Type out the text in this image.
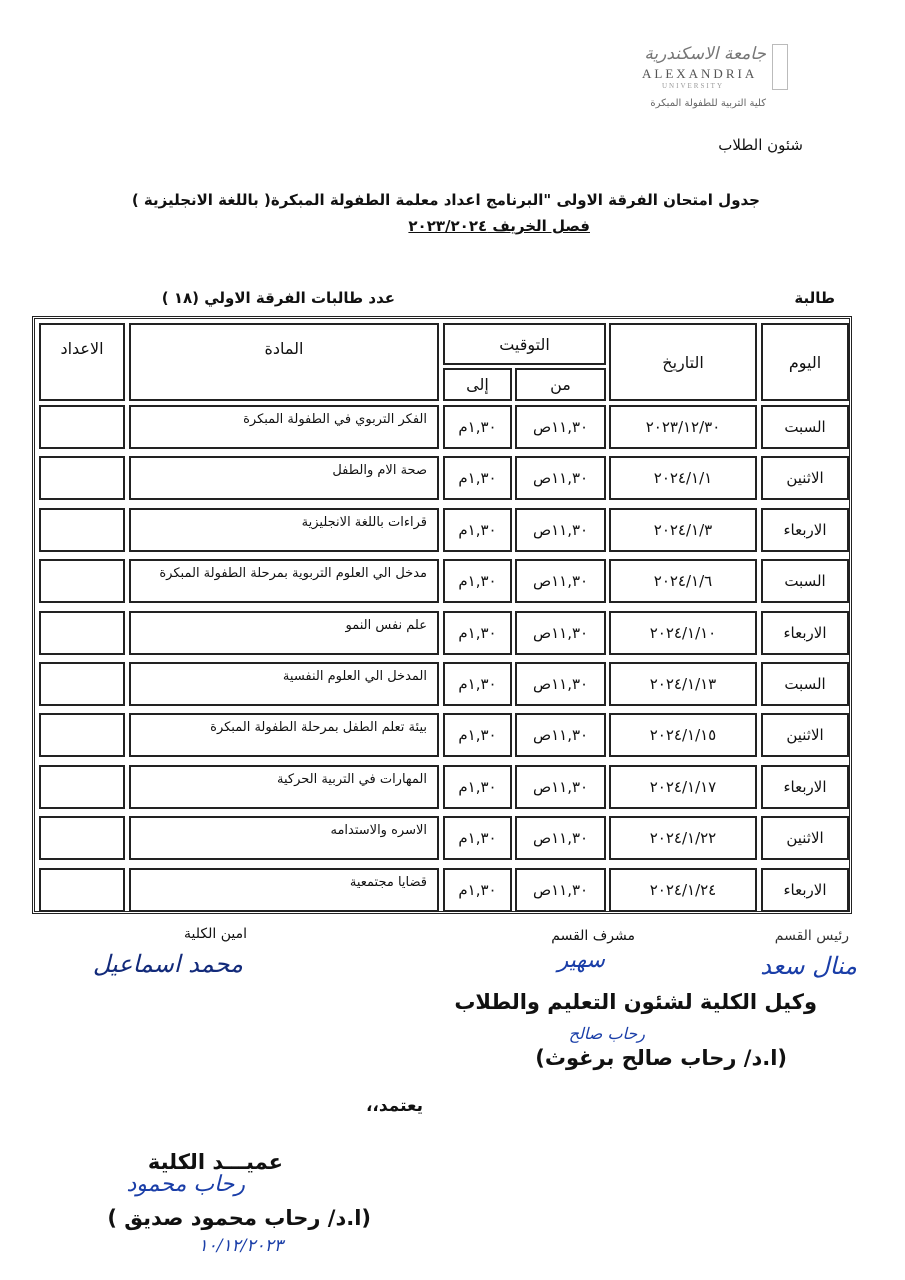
جامعة الاسكندرية
ALEXANDRIA
UNIVERSITY
كلية التربية للطفولة المبكرة
شئون الطلاب
جدول امتحان الفرقة الاولى "البرنامج اعداد معلمة الطفولة المبكرة( باللغة الانجليزية )
فصل الخريف ٢٠٢٣/٢٠٢٤
عدد طالبات الفرقة الاولي (١٨ )	طالبة
اليوم
التاريخ
التوقيت
من
إلى
المادة
الاعداد
السبت
٢٠٢٣/١٢/٣٠
١١,٣٠ص
١,٣٠م
الفكر التربوي في الطفولة المبكرة
الاثنين
٢٠٢٤/١/١
١١,٣٠ص
١,٣٠م
صحة الام والطفل
الاربعاء
٢٠٢٤/١/٣
١١,٣٠ص
١,٣٠م
قراءات باللغة الانجليزية
السبت
٢٠٢٤/١/٦
١١,٣٠ص
١,٣٠م
مدخل الي العلوم التربوية بمرحلة الطفولة المبكرة
الاربعاء
٢٠٢٤/١/١٠
١١,٣٠ص
١,٣٠م
علم نفس النمو
السبت
٢٠٢٤/١/١٣
١١,٣٠ص
١,٣٠م
المدخل الي العلوم النفسية
الاثنين
٢٠٢٤/١/١٥
١١,٣٠ص
١,٣٠م
بيئة تعلم الطفل بمرحلة الطفولة المبكرة
الاربعاء
٢٠٢٤/١/١٧
١١,٣٠ص
١,٣٠م
المهارات في التربية الحركية
الاثنين
٢٠٢٤/١/٢٢
١١,٣٠ص
١,٣٠م
الاسره والاستدامه
الاربعاء
٢٠٢٤/١/٢٤
١١,٣٠ص
١,٣٠م
قضايا مجتمعية
امين الكلية
محمد اسماعيل
مشرف القسم
سهير
رئيس القسم
منال سعد
وكيل الكلية لشئون التعليم والطلاب
رحاب صالح
(ا.د/ رحاب صالح برغوث)
يعتمد،،
عميـــد الكلية
رحاب محمود
(ا.د/ رحاب محمود صديق )
١٠/١٢/٢٠٢٣
